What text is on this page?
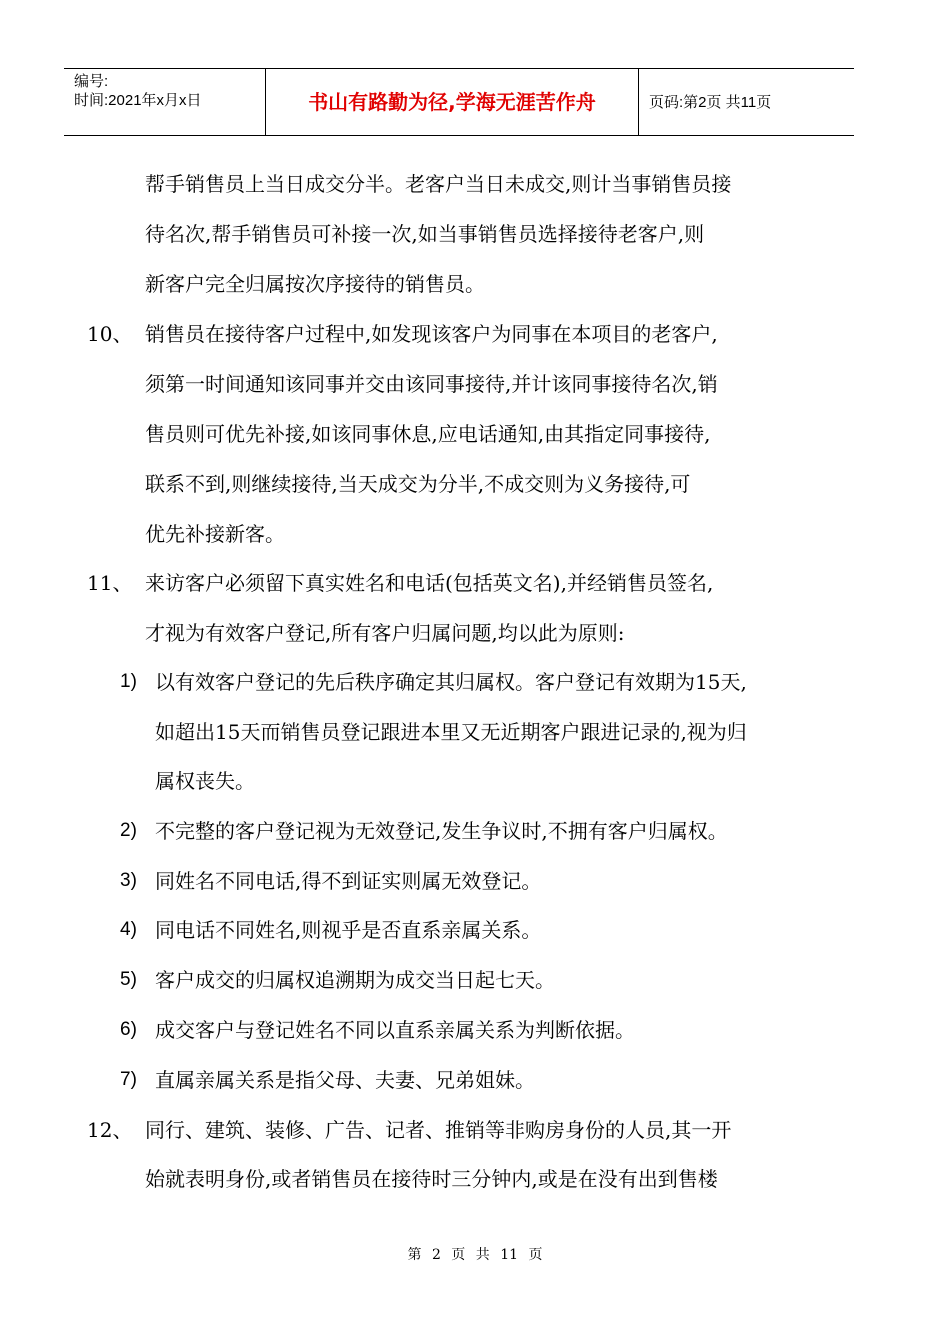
编号:
时间:2021年x月x日	书山有路勤为径,学海无涯苦作舟	页码:第2页 共11页
帮手销售员上当日成交分半。老客户当日未成交,则计当事销售员接
待名次,帮手销售员可补接一次,如当事销售员选择接待老客户,则
新客户完全归属按次序接待的销售员。
10、 销售员在接待客户过程中,如发现该客户为同事在本项目的老客户,
须第一时间通知该同事并交由该同事接待,并计该同事接待名次,销
售员则可优先补接,如该同事休息,应电话通知,由其指定同事接待,
联系不到,则继续接待,当天成交为分半,不成交则为义务接待,可
优先补接新客。
11、 来访客户必须留下真实姓名和电话(包括英文名),并经销售员签名,
才视为有效客户登记,所有客户归属问题,均以此为原则:
1) 以有效客户登记的先后秩序确定其归属权。客户登记有效期为15天,
如超出15天而销售员登记跟进本里又无近期客户跟进记录的,视为归
属权丧失。
2) 不完整的客户登记视为无效登记,发生争议时,不拥有客户归属权。
3) 同姓名不同电话,得不到证实则属无效登记。
4) 同电话不同姓名,则视乎是否直系亲属关系。
5) 客户成交的归属权追溯期为成交当日起七天。
6) 成交客户与登记姓名不同以直系亲属关系为判断依据。
7) 直属亲属关系是指父母、夫妻、兄弟姐妹。
12、 同行、建筑、装修、广告、记者、推销等非购房身份的人员,其一开
始就表明身份,或者销售员在接待时三分钟内,或是在没有出到售楼
第 2 页 共 11 页
